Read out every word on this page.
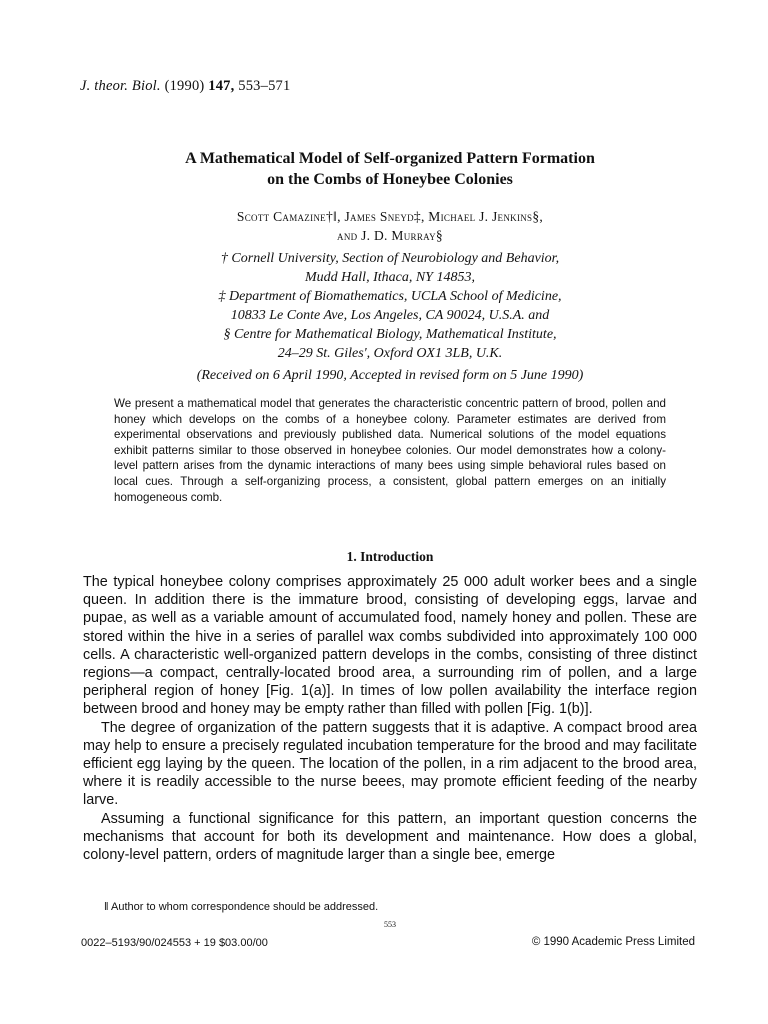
J. theor. Biol. (1990) 147, 553–571
A Mathematical Model of Self-organized Pattern Formation
on the Combs of Honeybee Colonies
Scott Camazine†‖, James Sneyd‡, Michael J. Jenkins§,
and J. D. Murray§
† Cornell University, Section of Neurobiology and Behavior,
Mudd Hall, Ithaca, NY 14853,
‡ Department of Biomathematics, UCLA School of Medicine,
10833 Le Conte Ave, Los Angeles, CA 90024, U.S.A. and
§ Centre for Mathematical Biology, Mathematical Institute,
24–29 St. Giles', Oxford OX1 3LB, U.K.
(Received on 6 April 1990, Accepted in revised form on 5 June 1990)
We present a mathematical model that generates the characteristic concentric pattern of brood, pollen and honey which develops on the combs of a honeybee colony. Parameter estimates are derived from experimental observations and previously published data. Numerical solutions of the model equations exhibit patterns similar to those observed in honeybee colonies. Our model demonstrates how a colony-level pattern arises from the dynamic interactions of many bees using simple behavioral rules based on local cues. Through a self-organizing process, a consistent, global pattern emerges on an initially homogeneous comb.
1. Introduction

The typical honeybee colony comprises approximately 25 000 adult worker bees and a single queen. In addition there is the immature brood, consisting of developing eggs, larvae and pupae, as well as a variable amount of accumulated food, namely honey and pollen. These are stored within the hive in a series of parallel wax combs subdivided into approximately 100 000 cells. A characteristic well-organized pattern develops in the combs, consisting of three distinct regions—a compact, centrally-located brood area, a surrounding rim of pollen, and a large peripheral region of honey [Fig. 1(a)]. In times of low pollen availability the interface region between brood and honey may be empty rather than filled with pollen [Fig. 1(b)].

The degree of organization of the pattern suggests that it is adaptive. A compact brood area may help to ensure a precisely regulated incubation temperature for the brood and may facilitate efficient egg laying by the queen. The location of the pollen, in a rim adjacent to the brood area, where it is readily accessible to the nurse beees, may promote efficient feeding of the nearby larve.

Assuming a functional significance for this pattern, an important question concerns the mechanisms that account for both its development and maintenance. How does a global, colony-level pattern, orders of magnitude larger than a single bee, emerge

‖ Author to whom correspondence should be addressed.
553
0022–5193/90/024553 + 19 $03.00/00	© 1990 Academic Press Limited
